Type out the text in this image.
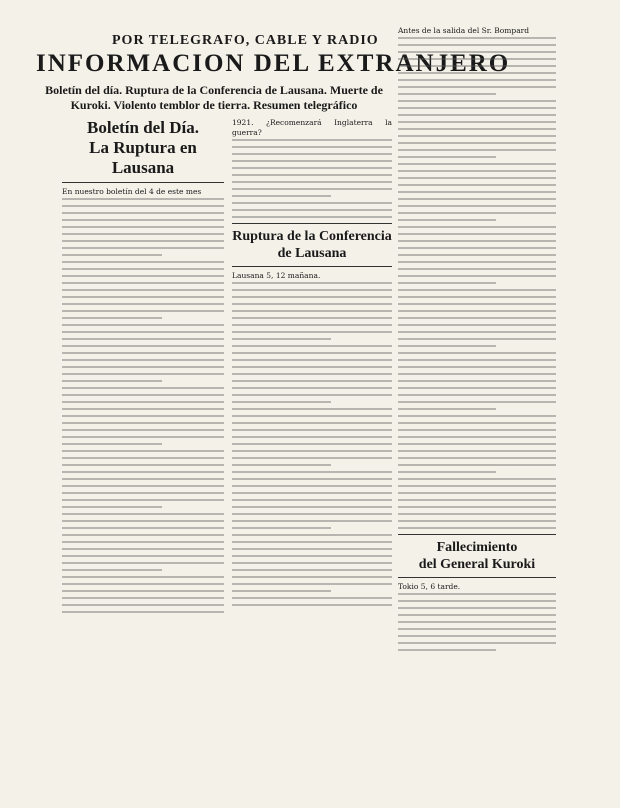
POR TELEGRAFO, CABLE Y RADIO
INFORMACION DEL EXTRANJERO
Boletín del día. Ruptura de la Conferencia de Lausana. Muerte de Kuroki. Violento temblor de tierra. Resumen telegráfico
Boletín del Día.
La Ruptura en Lausana

En nuestro boletín del 4 de este mes

1921. ¿Recomenzará Inglaterra la guerra?

Ruptura de la Conferencia de Lausana

Lausana 5, 12 mañana.

Antes de la salida del Sr. Bompard

Fallecimiento
del General Kuroki

Tokio 5, 6 tarde.
